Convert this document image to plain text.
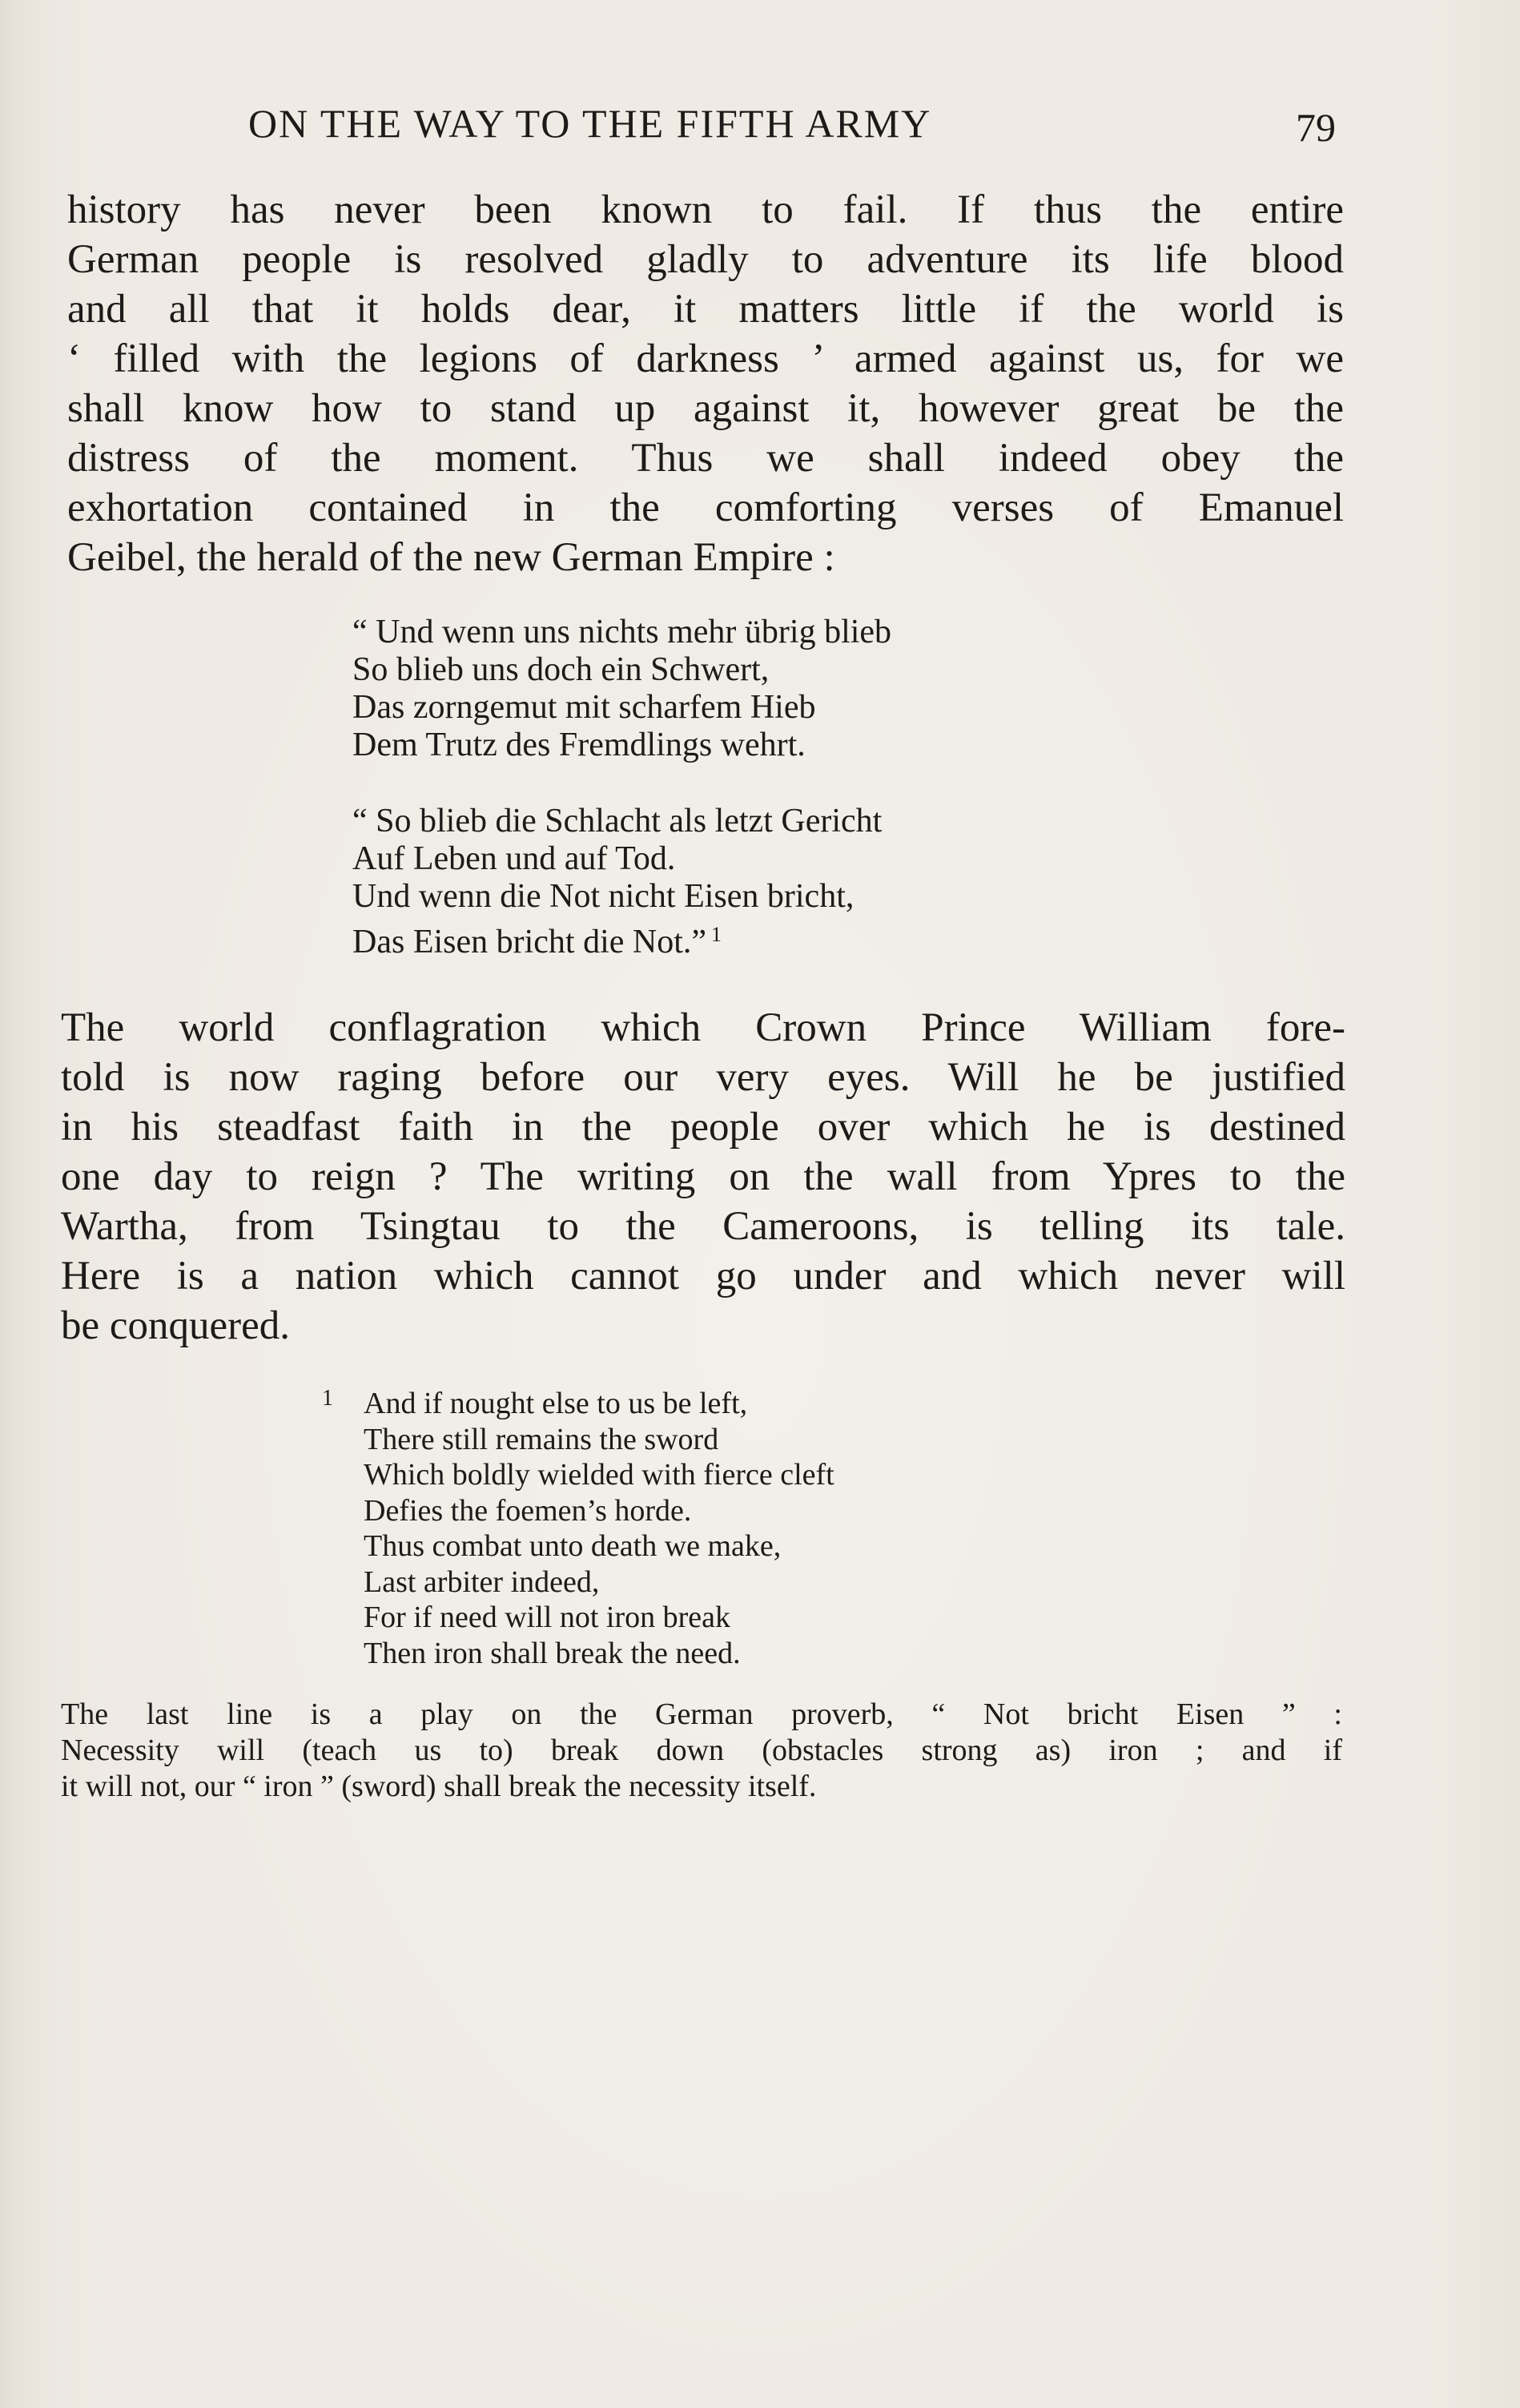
ON THE WAY TO THE FIFTH ARMY	79

history has never been known to fail. If thus the entire
German people is resolved gladly to adventure its life blood
and all that it holds dear, it matters little if the world is
‘ filled with the legions of darkness ’ armed against us, for we
shall know how to stand up against it, however great be the
distress of the moment. Thus we shall indeed obey the
exhortation contained in the comforting verses of Emanuel
Geibel, the herald of the new German Empire :

“ Und wenn uns nichts mehr übrig blieb
So blieb uns doch ein Schwert,
Das zorngemut mit scharfem Hieb
Dem Trutz des Fremdlings wehrt.
“ So blieb die Schlacht als letzt Gericht
Auf Leben und auf Tod.
Und wenn die Not nicht Eisen bricht,
Das Eisen bricht die Not.” $^1$

The world conflagration which Crown Prince William fore-
told is now raging before our very eyes. Will he be justified
in his steadfast faith in the people over which he is destined
one day to reign ? The writing on the wall from Ypres to the
Wartha, from Tsingtau to the Cameroons, is telling its tale.
Here is a nation which cannot go under and which never will
be conquered.

1	And if nought else to us be left,
There still remains the sword
Which boldly wielded with fierce cleft
Defies the foemen’s horde.
Thus combat unto death we make,
Last arbiter indeed,
For if need will not iron break
Then iron shall break the need.

The last line is a play on the German proverb, “ Not bricht Eisen ” :
Necessity will (teach us to) break down (obstacles strong as) iron ; and if
it will not, our “ iron ” (sword) shall break the necessity itself.
